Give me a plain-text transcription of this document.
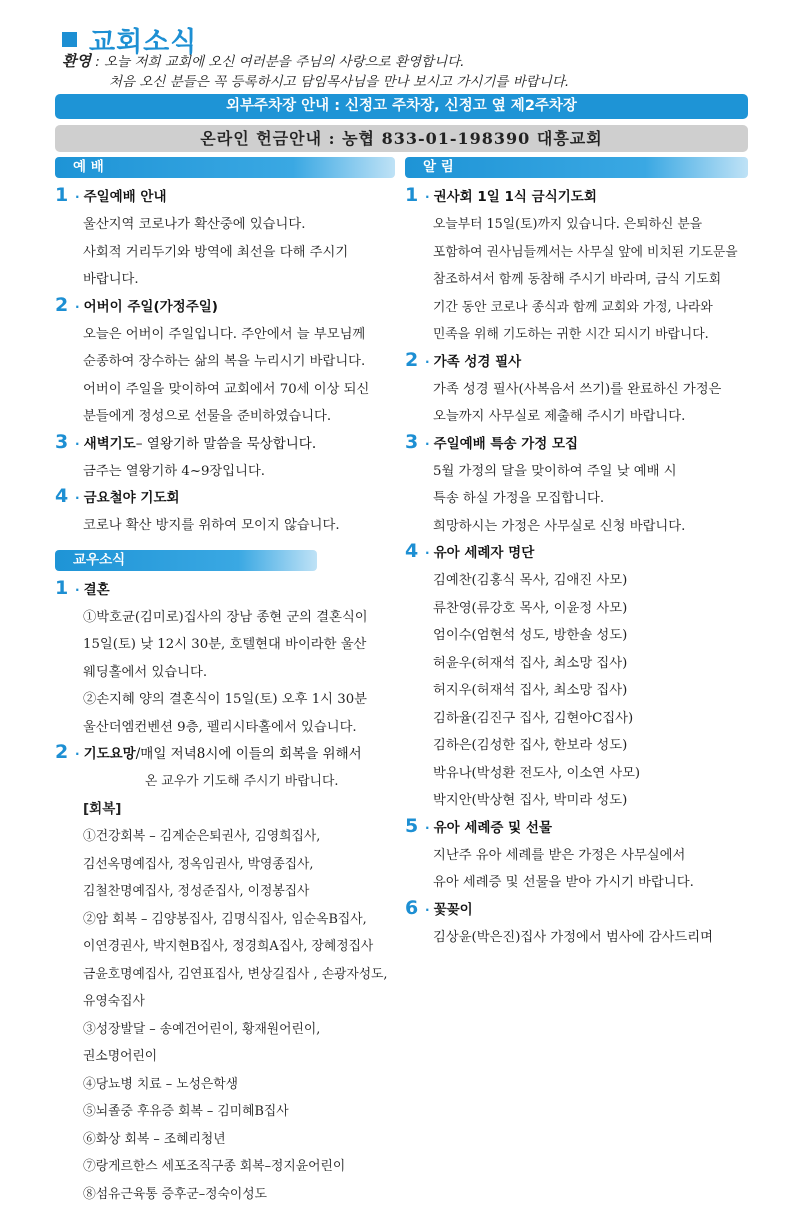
교회소식
환영 : 오늘 저희 교회에 오신 여러분을 주님의 사랑으로 환영합니다.
처음 오신 분들은 꼭 등록하시고 담임목사님을 만나 보시고 가시기를 바랍니다.
외부주차장 안내 : 신정고 주차장, 신정고 옆 제2주차장
온라인 헌금안내 : 농협 833-01-198390 대흥교회
예 배
1 · 주일예배 안내
울산지역 코로나가 확산중에 있습니다.
사회적 거리두기와 방역에 최선을 다해 주시기
바랍니다.
2 · 어버이 주일(가정주일)
오늘은 어버이 주일입니다. 주안에서 늘 부모님께
순종하여 장수하는 삶의 복을 누리시기 바랍니다.
어버이 주일을 맞이하여 교회에서 70세 이상 되신
분들에게 정성으로 선물을 준비하였습니다.
3 · 새벽기도 – 열왕기하 말씀을 묵상합니다.
금주는 열왕기하 4~9장입니다.
4 · 금요철야 기도회
코로나 확산 방지를 위하여 모이지 않습니다.
교우소식
1 · 결혼
①박호균(김미로)집사의 장남 종현 군의 결혼식이
15일(토) 낮 12시 30분, 호텔현대 바이라한 울산
웨딩홀에서 있습니다.
②손지혜 양의 결혼식이 15일(토) 오후 1시 30분
울산더엠컨벤션 9층, 펠리시타홀에서 있습니다.
2 · 기도요망 /매일 저녁8시에 이들의 회복을 위해서
온 교우가 기도해 주시기 바랍니다.
[회복]
①건강회복 – 김계순은퇴권사, 김영희집사,
김선옥명예집사, 정옥임권사, 박영종집사,
김철찬명예집사, 정성준집사, 이정봉집사
②암 회복 – 김양봉집사, 김명식집사, 임순옥B집사,
이연경권사, 박지현B집사, 정경희A집사, 장혜정집사
금윤호명예집사, 김연표집사, 변상길집사 , 손광자성도,
유영숙집사
③성장발달 – 송예건어린이, 황재원어린이,
권소명어린이
④당뇨병 치료 – 노성은학생
⑤뇌졸중 후유증 회복 – 김미혜B집사
⑥화상 회복 – 조혜리청년
⑦랑게르한스 세포조직구종 회복–정지윤어린이
⑧섬유근육통 증후군–정숙이성도
알 림
1 · 권사회 1일 1식 금식기도회
오늘부터 15일(토)까지 있습니다. 은퇴하신 분을
포함하여 권사님들께서는 사무실 앞에 비치된 기도문을
참조하셔서 함께 동참해 주시기 바라며, 금식 기도회
기간 동안 코로나 종식과 함께 교회와 가정, 나라와
민족을 위해 기도하는 귀한 시간 되시기 바랍니다.
2 · 가족 성경 필사
가족 성경 필사(사복음서 쓰기)를 완료하신 가정은
오늘까지 사무실로 제출해 주시기 바랍니다.
3 · 주일예배 특송 가정 모집
5월 가정의 달을 맞이하여 주일 낮 예배 시
특송 하실 가정을 모집합니다.
희망하시는 가정은 사무실로 신청 바랍니다.
4 · 유아 세례자 명단
김예찬(김홍식 목사, 김애진 사모)
류찬영(류강호 목사, 이윤정 사모)
엄이수(엄현석 성도, 방한솔 성도)
허윤우(허재석 집사, 최소망 집사)
허지우(허재석 집사, 최소망 집사)
김하율(김진구 집사, 김현아C집사)
김하은(김성한 집사, 한보라 성도)
박유나(박성환 전도사, 이소연 사모)
박지안(박상현 집사, 박미라 성도)
5 · 유아 세례증 및 선물
지난주 유아 세례를 받은 가정은 사무실에서
유아 세례증 및 선물을 받아 가시기 바랍니다.
6 · 꽃꽂이
김상윤(박은진)집사 가정에서 범사에 감사드리며
